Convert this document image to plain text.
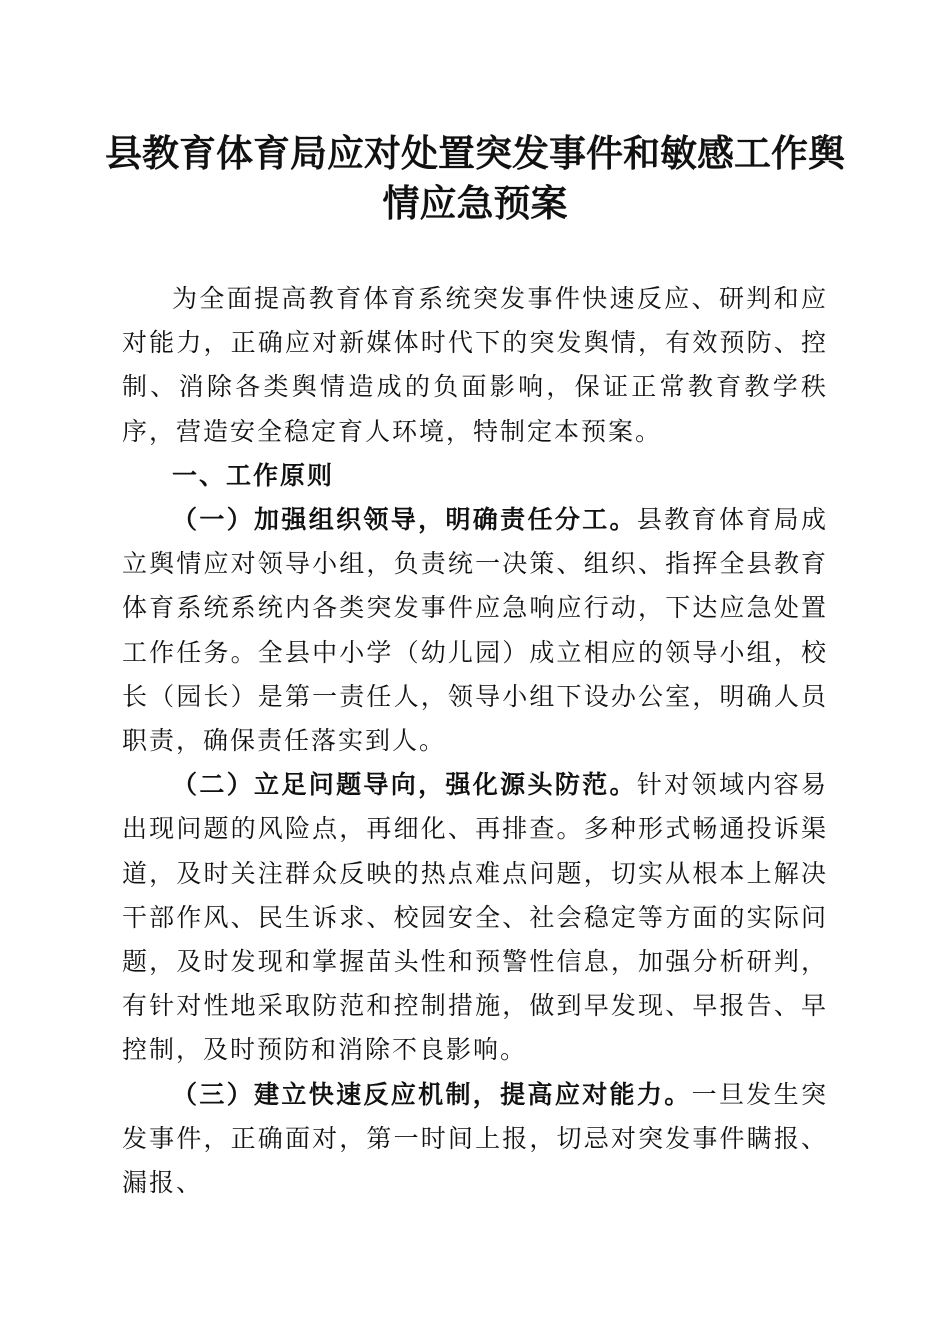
县教育体育局应对处置突发事件和敏感工作舆情应急预案

为全面提高教育体育系统突发事件快速反应、研判和应对能力，正确应对新媒体时代下的突发舆情，有效预防、控制、消除各类舆情造成的负面影响，保证正常教育教学秩序，营造安全稳定育人环境，特制定本预案。

一、工作原则

（一）加强组织领导，明确责任分工。县教育体育局成立舆情应对领导小组，负责统一决策、组织、指挥全县教育体育系统系统内各类突发事件应急响应行动，下达应急处置工作任务。全县中小学（幼儿园）成立相应的领导小组，校长（园长）是第一责任人，领导小组下设办公室，明确人员职责，确保责任落实到人。

（二）立足问题导向，强化源头防范。针对领域内容易出现问题的风险点，再细化、再排查。多种形式畅通投诉渠道，及时关注群众反映的热点难点问题，切实从根本上解决干部作风、民生诉求、校园安全、社会稳定等方面的实际问题，及时发现和掌握苗头性和预警性信息，加强分析研判，有针对性地采取防范和控制措施，做到早发现、早报告、早控制，及时预防和消除不良影响。

（三）建立快速反应机制，提高应对能力。一旦发生突发事件，正确面对，第一时间上报，切忌对突发事件瞒报、漏报、
